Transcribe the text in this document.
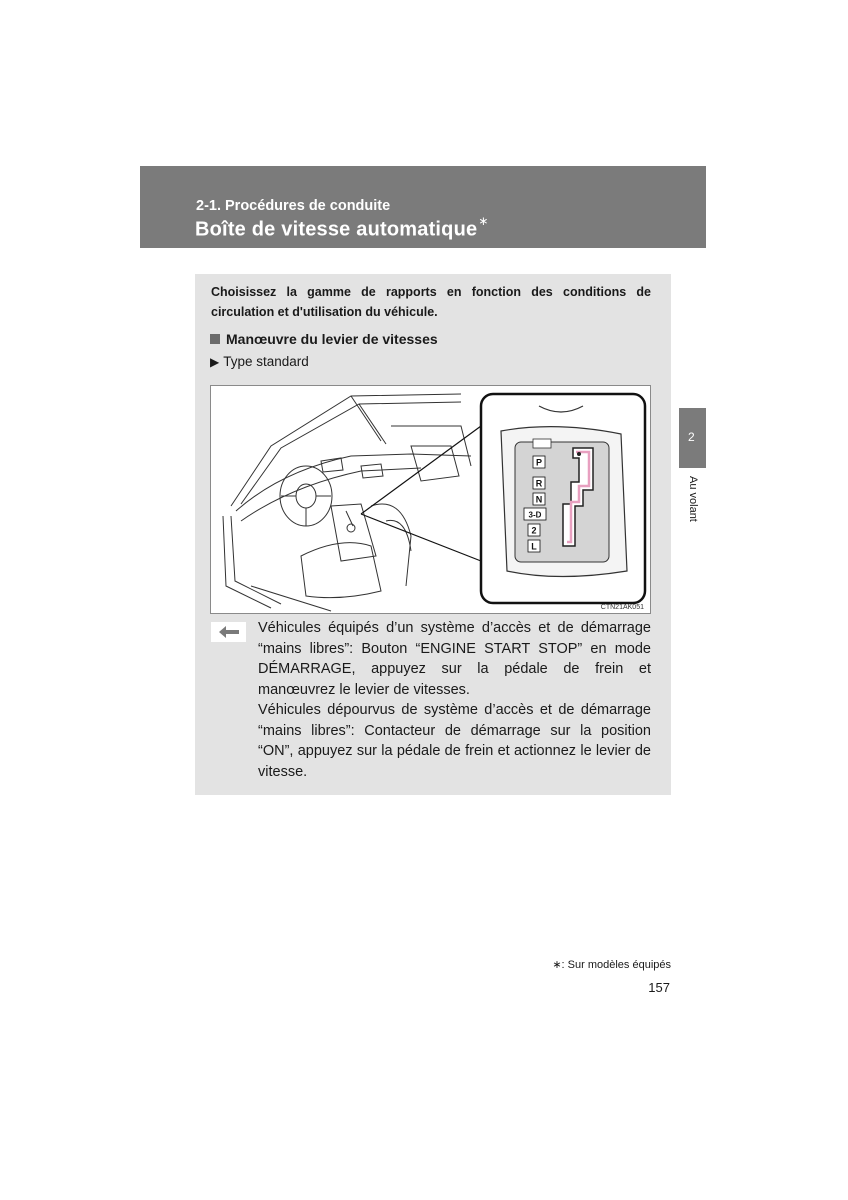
2-1. Procédures de conduite
Boîte de vitesse automatique∗
2
Au volant
Choisissez la gamme de rapports en fonction des conditions de circulation et d'utilisation du véhicule.
Manœuvre du levier de vitesses
▶ Type standard
P
R
N
3-D
2
L
CTN21AK051
Véhicules équipés d’un système d’accès et de démarrage “mains libres”: Bouton “ENGINE START STOP” en mode DÉMARRAGE, appuyez sur la pédale de frein et manœuvrez le levier de vitesses.
Véhicules dépourvus de système d’accès et de démarrage “mains libres”: Contacteur de démarrage sur la position “ON”, appuyez sur la pédale de frein et actionnez le levier de vitesse.
∗: Sur modèles équipés
157
